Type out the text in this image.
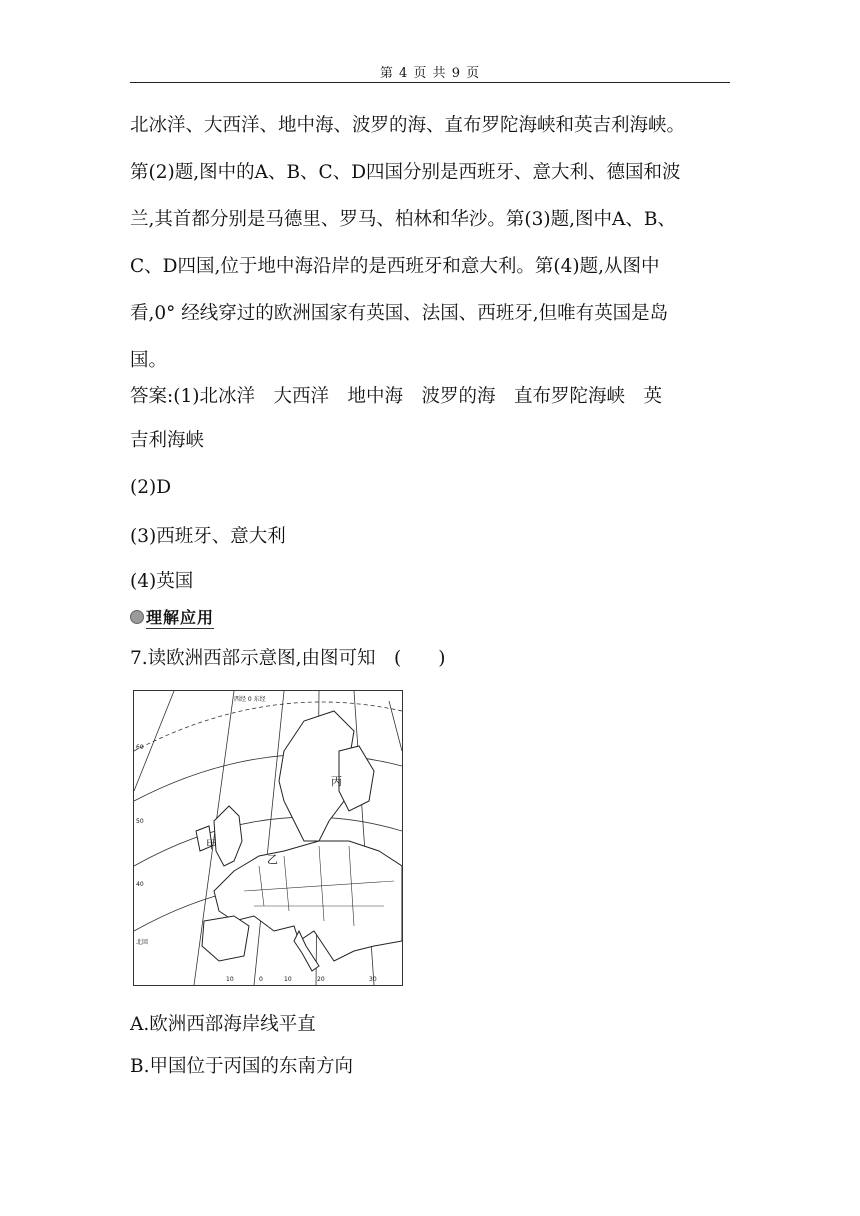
第 4 页 共 9 页
北冰洋、大西洋、地中海、波罗的海、直布罗陀海峡和英吉利海峡。
第(2)题,图中的A、B、C、D四国分别是西班牙、意大利、德国和波
兰,其首都分别是马德里、罗马、柏林和华沙。第(3)题,图中A、B、
C、D四国,位于地中海沿岸的是西班牙和意大利。第(4)题,从图中
看,0° 经线穿过的欧洲国家有英国、法国、西班牙,但唯有英国是岛
国。
答案:(1)北冰洋　大西洋　地中海　波罗的海　直布罗陀海峡　英
吉利海峡
(2)D
(3)西班牙、意大利
(4)英国
理解应用
7.读欧洲西部示意图,由图可知　(　　)
甲
乙
丙
西经 0 东经
60
50
40
北回
10	0	10	20	30
A.欧洲西部海岸线平直
B.甲国位于丙国的东南方向
